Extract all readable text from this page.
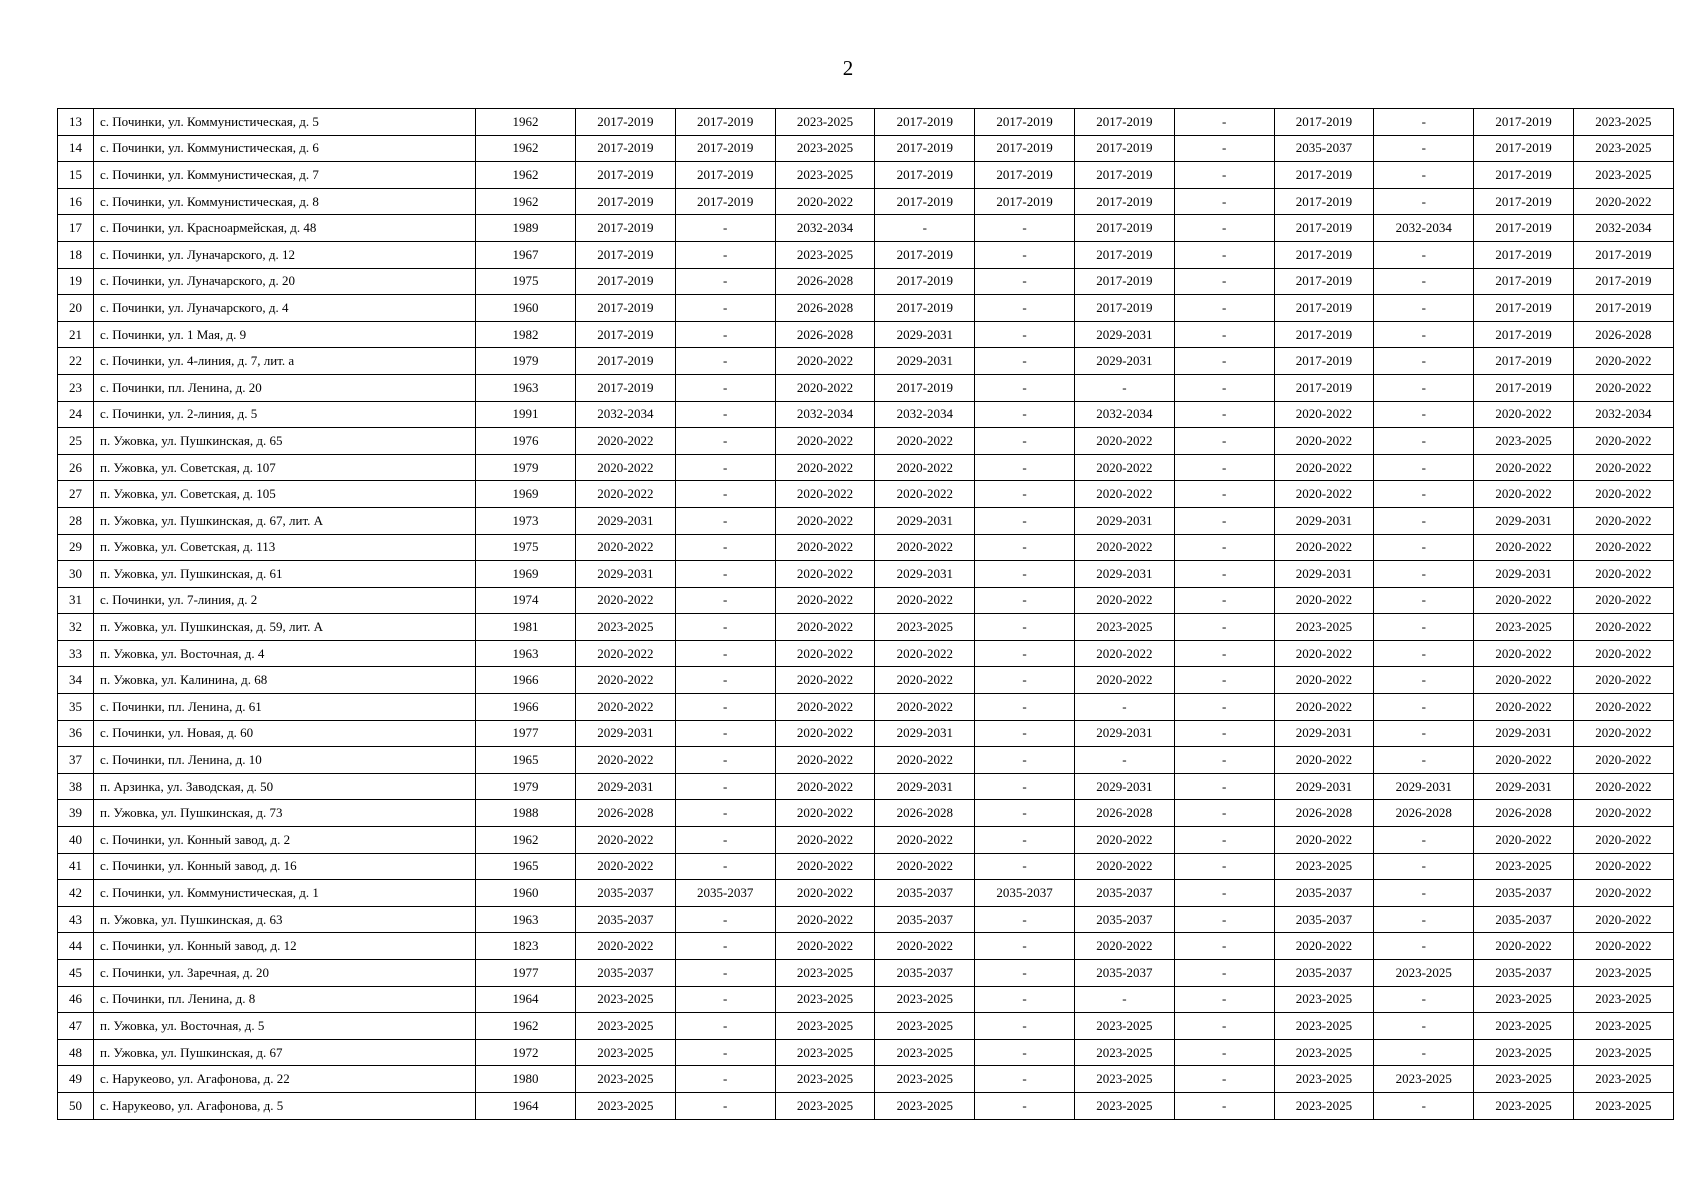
2
13	с. Починки, ул. Коммунистическая, д. 5	1962	2017-2019	2017-2019	2023-2025	2017-2019	2017-2019	2017-2019	-	2017-2019	-	2017-2019	2023-2025
14	с. Починки, ул. Коммунистическая, д. 6	1962	2017-2019	2017-2019	2023-2025	2017-2019	2017-2019	2017-2019	-	2035-2037	-	2017-2019	2023-2025
15	с. Починки, ул. Коммунистическая, д. 7	1962	2017-2019	2017-2019	2023-2025	2017-2019	2017-2019	2017-2019	-	2017-2019	-	2017-2019	2023-2025
16	с. Починки, ул. Коммунистическая, д. 8	1962	2017-2019	2017-2019	2020-2022	2017-2019	2017-2019	2017-2019	-	2017-2019	-	2017-2019	2020-2022
17	с. Починки, ул. Красноармейская, д. 48	1989	2017-2019	-	2032-2034	-	-	2017-2019	-	2017-2019	2032-2034	2017-2019	2032-2034
18	с. Починки, ул. Луначарского, д. 12	1967	2017-2019	-	2023-2025	2017-2019	-	2017-2019	-	2017-2019	-	2017-2019	2017-2019
19	с. Починки, ул. Луначарского, д. 20	1975	2017-2019	-	2026-2028	2017-2019	-	2017-2019	-	2017-2019	-	2017-2019	2017-2019
20	с. Починки, ул. Луначарского, д. 4	1960	2017-2019	-	2026-2028	2017-2019	-	2017-2019	-	2017-2019	-	2017-2019	2017-2019
21	с. Починки, ул. 1 Мая, д. 9	1982	2017-2019	-	2026-2028	2029-2031	-	2029-2031	-	2017-2019	-	2017-2019	2026-2028
22	с. Починки, ул. 4-линия, д. 7, лит. а	1979	2017-2019	-	2020-2022	2029-2031	-	2029-2031	-	2017-2019	-	2017-2019	2020-2022
23	с. Починки, пл. Ленина, д. 20	1963	2017-2019	-	2020-2022	2017-2019	-	-	-	2017-2019	-	2017-2019	2020-2022
24	с. Починки, ул. 2-линия, д. 5	1991	2032-2034	-	2032-2034	2032-2034	-	2032-2034	-	2020-2022	-	2020-2022	2032-2034
25	п. Ужовка, ул. Пушкинская, д. 65	1976	2020-2022	-	2020-2022	2020-2022	-	2020-2022	-	2020-2022	-	2023-2025	2020-2022
26	п. Ужовка, ул. Советская, д. 107	1979	2020-2022	-	2020-2022	2020-2022	-	2020-2022	-	2020-2022	-	2020-2022	2020-2022
27	п. Ужовка, ул. Советская, д. 105	1969	2020-2022	-	2020-2022	2020-2022	-	2020-2022	-	2020-2022	-	2020-2022	2020-2022
28	п. Ужовка, ул. Пушкинская, д. 67, лит. А	1973	2029-2031	-	2020-2022	2029-2031	-	2029-2031	-	2029-2031	-	2029-2031	2020-2022
29	п. Ужовка, ул. Советская, д. 113	1975	2020-2022	-	2020-2022	2020-2022	-	2020-2022	-	2020-2022	-	2020-2022	2020-2022
30	п. Ужовка, ул. Пушкинская, д. 61	1969	2029-2031	-	2020-2022	2029-2031	-	2029-2031	-	2029-2031	-	2029-2031	2020-2022
31	с. Починки, ул. 7-линия, д. 2	1974	2020-2022	-	2020-2022	2020-2022	-	2020-2022	-	2020-2022	-	2020-2022	2020-2022
32	п. Ужовка, ул. Пушкинская, д. 59, лит. А	1981	2023-2025	-	2020-2022	2023-2025	-	2023-2025	-	2023-2025	-	2023-2025	2020-2022
33	п. Ужовка, ул. Восточная, д. 4	1963	2020-2022	-	2020-2022	2020-2022	-	2020-2022	-	2020-2022	-	2020-2022	2020-2022
34	п. Ужовка, ул. Калинина, д. 68	1966	2020-2022	-	2020-2022	2020-2022	-	2020-2022	-	2020-2022	-	2020-2022	2020-2022
35	с. Починки, пл. Ленина, д. 61	1966	2020-2022	-	2020-2022	2020-2022	-	-	-	2020-2022	-	2020-2022	2020-2022
36	с. Починки, ул. Новая, д. 60	1977	2029-2031	-	2020-2022	2029-2031	-	2029-2031	-	2029-2031	-	2029-2031	2020-2022
37	с. Починки, пл. Ленина, д. 10	1965	2020-2022	-	2020-2022	2020-2022	-	-	-	2020-2022	-	2020-2022	2020-2022
38	п. Арзинка, ул. Заводская, д. 50	1979	2029-2031	-	2020-2022	2029-2031	-	2029-2031	-	2029-2031	2029-2031	2029-2031	2020-2022
39	п. Ужовка, ул. Пушкинская, д. 73	1988	2026-2028	-	2020-2022	2026-2028	-	2026-2028	-	2026-2028	2026-2028	2026-2028	2020-2022
40	с. Починки, ул. Конный завод, д. 2	1962	2020-2022	-	2020-2022	2020-2022	-	2020-2022	-	2020-2022	-	2020-2022	2020-2022
41	с. Починки, ул. Конный завод, д. 16	1965	2020-2022	-	2020-2022	2020-2022	-	2020-2022	-	2023-2025	-	2023-2025	2020-2022
42	с. Починки, ул. Коммунистическая, д. 1	1960	2035-2037	2035-2037	2020-2022	2035-2037	2035-2037	2035-2037	-	2035-2037	-	2035-2037	2020-2022
43	п. Ужовка, ул. Пушкинская, д. 63	1963	2035-2037	-	2020-2022	2035-2037	-	2035-2037	-	2035-2037	-	2035-2037	2020-2022
44	с. Починки, ул. Конный завод, д. 12	1823	2020-2022	-	2020-2022	2020-2022	-	2020-2022	-	2020-2022	-	2020-2022	2020-2022
45	с. Починки, ул. Заречная, д. 20	1977	2035-2037	-	2023-2025	2035-2037	-	2035-2037	-	2035-2037	2023-2025	2035-2037	2023-2025
46	с. Починки, пл. Ленина, д. 8	1964	2023-2025	-	2023-2025	2023-2025	-	-	-	2023-2025	-	2023-2025	2023-2025
47	п. Ужовка, ул. Восточная, д. 5	1962	2023-2025	-	2023-2025	2023-2025	-	2023-2025	-	2023-2025	-	2023-2025	2023-2025
48	п. Ужовка, ул. Пушкинская, д. 67	1972	2023-2025	-	2023-2025	2023-2025	-	2023-2025	-	2023-2025	-	2023-2025	2023-2025
49	с. Нарукеово, ул. Агафонова, д. 22	1980	2023-2025	-	2023-2025	2023-2025	-	2023-2025	-	2023-2025	2023-2025	2023-2025	2023-2025
50	с. Нарукеово, ул. Агафонова, д. 5	1964	2023-2025	-	2023-2025	2023-2025	-	2023-2025	-	2023-2025	-	2023-2025	2023-2025
